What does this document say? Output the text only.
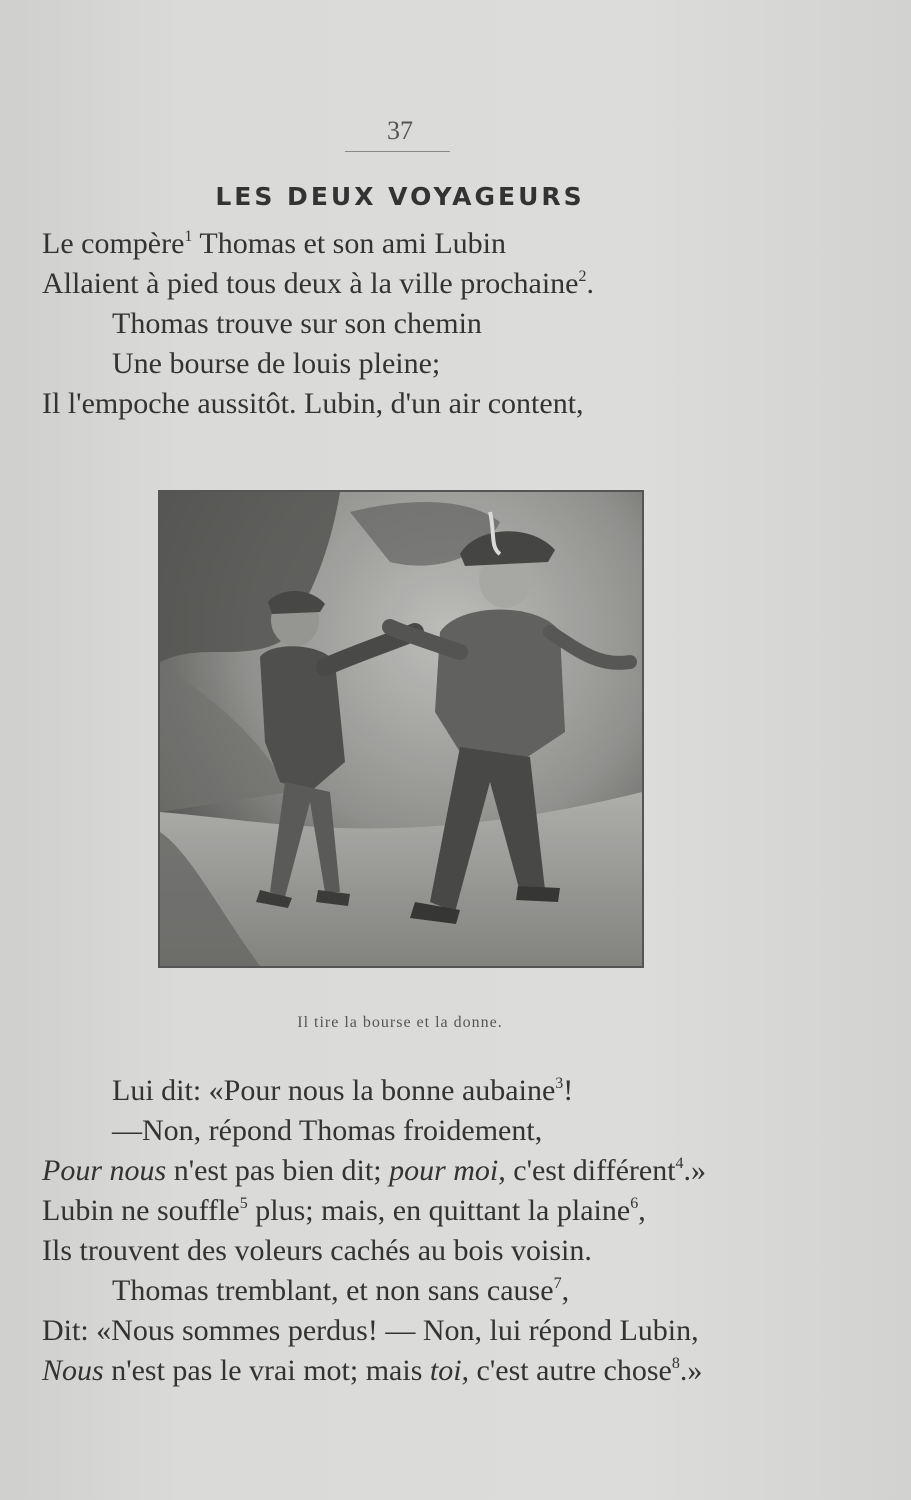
37
LES DEUX VOYAGEURS
Le compère$^1$ Thomas et son ami Lubin
Allaient à pied tous deux à la ville prochaine$^2$.
Thomas trouve sur son chemin
Une bourse de louis pleine;
Il l'empoche aussitôt. Lubin, d'un air content,
Il tire la bourse et la donne.
Lui dit: «Pour nous la bonne aubaine$^3$!
—Non, répond Thomas froidement,
Pour nous n'est pas bien dit; pour moi, c'est différent$^4$.»
Lubin ne souffle$^5$ plus; mais, en quittant la plaine$^6$,
Ils trouvent des voleurs cachés au bois voisin.
Thomas tremblant, et non sans cause$^7$,
Dit: «Nous sommes perdus! — Non, lui répond Lubin,
Nous n'est pas le vrai mot; mais toi, c'est autre chose$^8$.»
